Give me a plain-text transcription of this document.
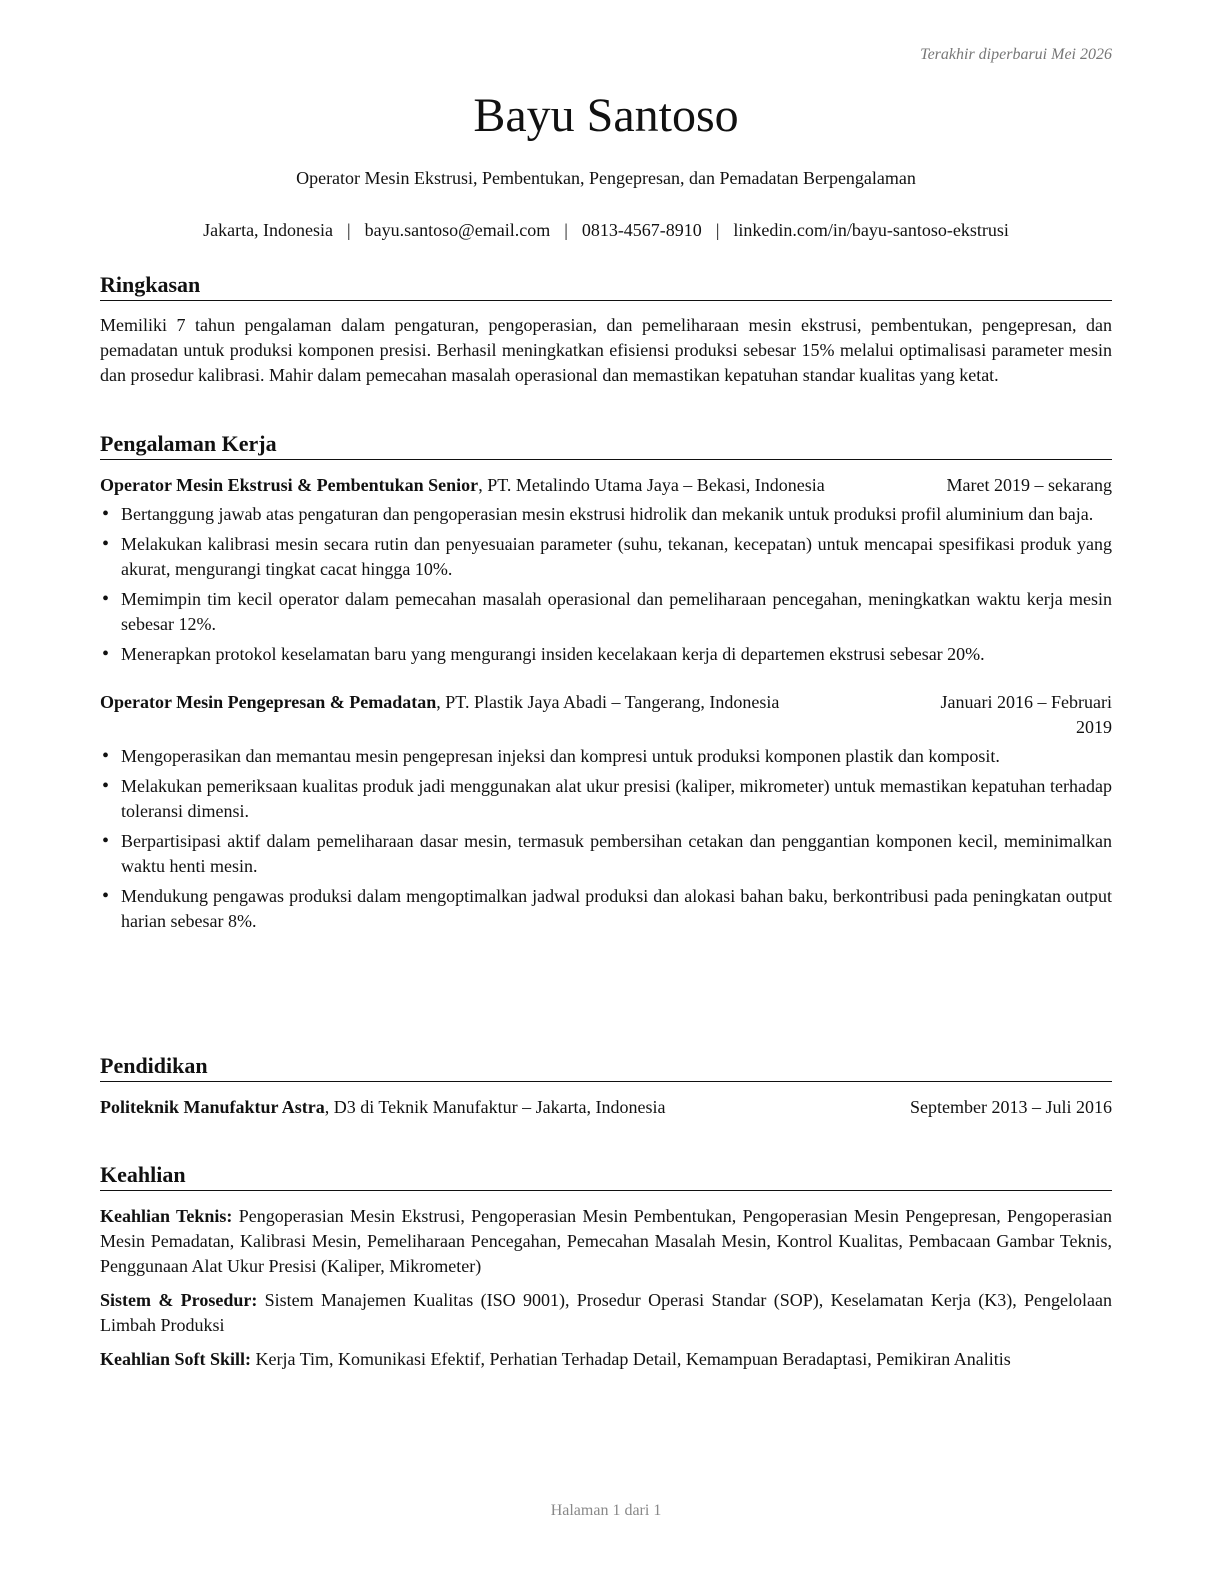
Terakhir diperbarui Mei 2026
Bayu Santoso
Operator Mesin Ekstrusi, Pembentukan, Pengepresan, dan Pemadatan Berpengalaman
Jakarta, Indonesia | bayu.santoso@email.com | 0813-4567-8910 | linkedin.com/in/bayu-santoso-ekstrusi
Ringkasan

Memiliki 7 tahun pengalaman dalam pengaturan, pengoperasian, dan pemeliharaan mesin ekstrusi, pembentukan, pengepresan, dan pemadatan untuk produksi komponen presisi. Berhasil meningkatkan efisiensi produksi sebesar 15% melalui optimalisasi parameter mesin dan prosedur kalibrasi. Mahir dalam pemecahan masalah operasional dan memastikan kepatuhan standar kualitas yang ketat.

Pengalaman Kerja
Operator Mesin Ekstrusi & Pembentukan Senior, PT. Metalindo Utama Jaya – Bekasi, Indonesia	Maret 2019 – sekarang
• Bertanggung jawab atas pengaturan dan pengoperasian mesin ekstrusi hidrolik dan mekanik untuk produksi profil aluminium dan baja.
• Melakukan kalibrasi mesin secara rutin dan penyesuaian parameter (suhu, tekanan, kecepatan) untuk mencapai spesifikasi produk yang akurat, mengurangi tingkat cacat hingga 10%.
• Memimpin tim kecil operator dalam pemecahan masalah operasional dan pemeliharaan pencegahan, meningkatkan waktu kerja mesin sebesar 12%.
• Menerapkan protokol keselamatan baru yang mengurangi insiden kecelakaan kerja di departemen ekstrusi sebesar 20%.
Operator Mesin Pengepresan & Pemadatan, PT. Plastik Jaya Abadi – Tangerang, Indonesia	Januari 2016 – Februari 2019
• Mengoperasikan dan memantau mesin pengepresan injeksi dan kompresi untuk produksi komponen plastik dan komposit.
• Melakukan pemeriksaan kualitas produk jadi menggunakan alat ukur presisi (kaliper, mikrometer) untuk memastikan kepatuhan terhadap toleransi dimensi.
• Berpartisipasi aktif dalam pemeliharaan dasar mesin, termasuk pembersihan cetakan dan penggantian komponen kecil, meminimalkan waktu henti mesin.
• Mendukung pengawas produksi dalam mengoptimalkan jadwal produksi dan alokasi bahan baku, berkontribusi pada peningkatan output harian sebesar 8%.
Pendidikan
Politeknik Manufaktur Astra, D3 di Teknik Manufaktur – Jakarta, Indonesia	September 2013 – Juli 2016
Keahlian

Keahlian Teknis: Pengoperasian Mesin Ekstrusi, Pengoperasian Mesin Pembentukan, Pengoperasian Mesin Pengepresan, Pengoperasian Mesin Pemadatan, Kalibrasi Mesin, Pemeliharaan Pencegahan, Pemecahan Masalah Mesin, Kontrol Kualitas, Pembacaan Gambar Teknis, Penggunaan Alat Ukur Presisi (Kaliper, Mikrometer)

Sistem & Prosedur: Sistem Manajemen Kualitas (ISO 9001), Prosedur Operasi Standar (SOP), Keselamatan Kerja (K3), Pengelolaan Limbah Produksi

Keahlian Soft Skill: Kerja Tim, Komunikasi Efektif, Perhatian Terhadap Detail, Kemampuan Beradaptasi, Pemikiran Analitis

Halaman 1 dari 1
